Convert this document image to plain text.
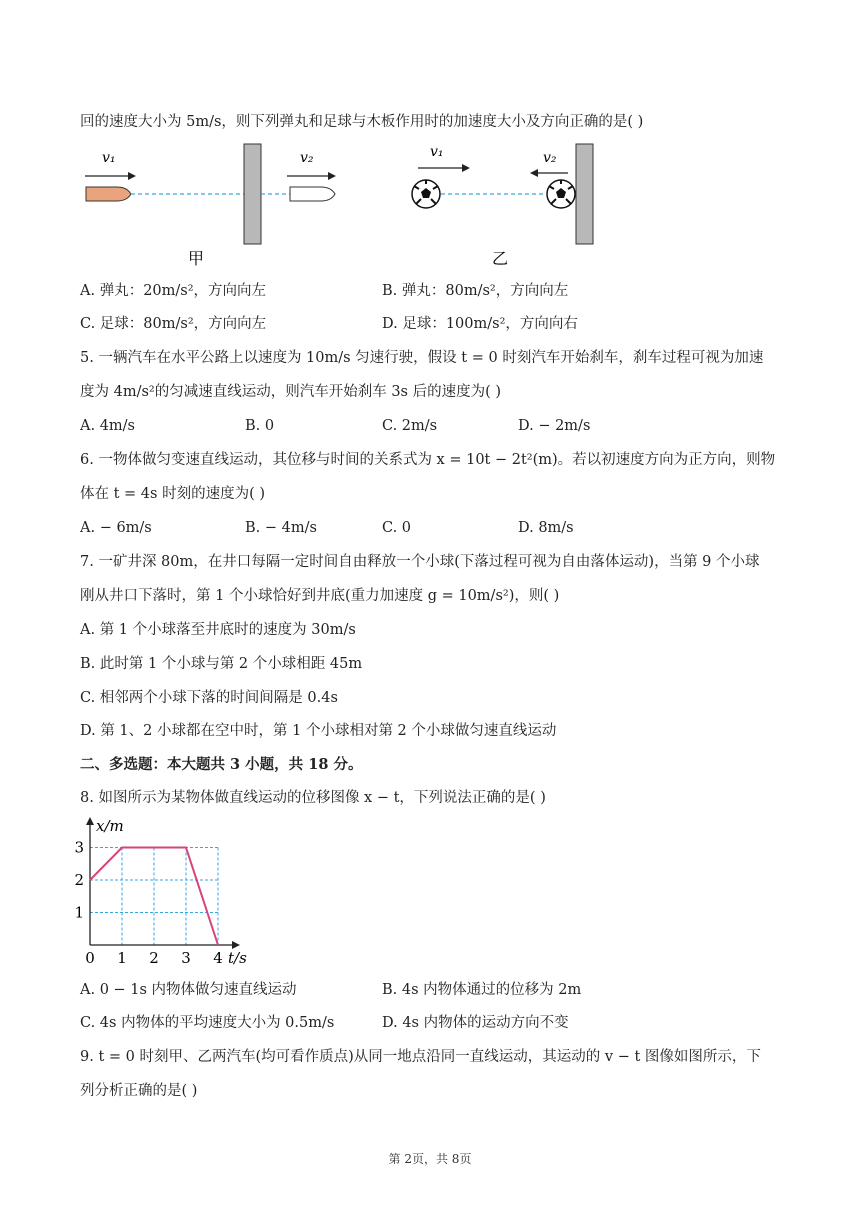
回的速度大小为 5m/s，则下列弹丸和足球与木板作用时的加速度大小及方向正确的是( )
v₁	v₂
甲
v₁	v₂
乙
A. 弹丸：20m/s²，方向向左	B. 弹丸：80m/s²，方向向左
C. 足球：80m/s²，方向向左	D. 足球：100m/s²，方向向右
5. 一辆汽车在水平公路上以速度为 10m/s 匀速行驶，假设 t = 0 时刻汽车开始刹车，刹车过程可视为加速
度为 4m/s²的匀减速直线运动，则汽车开始刹车 3s 后的速度为( )
A. 4m/s	B. 0	C. 2m/s	D. − 2m/s
6. 一物体做匀变速直线运动，其位移与时间的关系式为 x = 10t − 2t²(m)。若以初速度方向为正方向，则物
体在 t = 4s 时刻的速度为( )
A. − 6m/s	B. − 4m/s	C. 0	D. 8m/s
7. 一矿井深 80m，在井口每隔一定时间自由释放一个小球(下落过程可视为自由落体运动)，当第 9 个小球
刚从井口下落时，第 1 个小球恰好到井底(重力加速度 g = 10m/s²)，则( )
A. 第 1 个小球落至井底时的速度为 30m/s
B. 此时第 1 个小球与第 2 个小球相距 45m
C. 相邻两个小球下落的时间间隔是 0.4s
D. 第 1、2 小球都在空中时，第 1 个小球相对第 2 个小球做匀速直线运动
二、多选题：本大题共 3 小题，共 18 分。
8. 如图所示为某物体做直线运动的位移图像 x − t，下列说法正确的是( )
0 1 2 3 4
1
2
3
t/s
x/m
A. 0 − 1s 内物体做匀速直线运动	B. 4s 内物体通过的位移为 2m
C. 4s 内物体的平均速度大小为 0.5m/s	D. 4s 内物体的运动方向不变
9. t = 0 时刻甲、乙两汽车(均可看作质点)从同一地点沿同一直线运动，其运动的 v − t 图像如图所示，下
列分析正确的是( )
第 2页，共 8页
